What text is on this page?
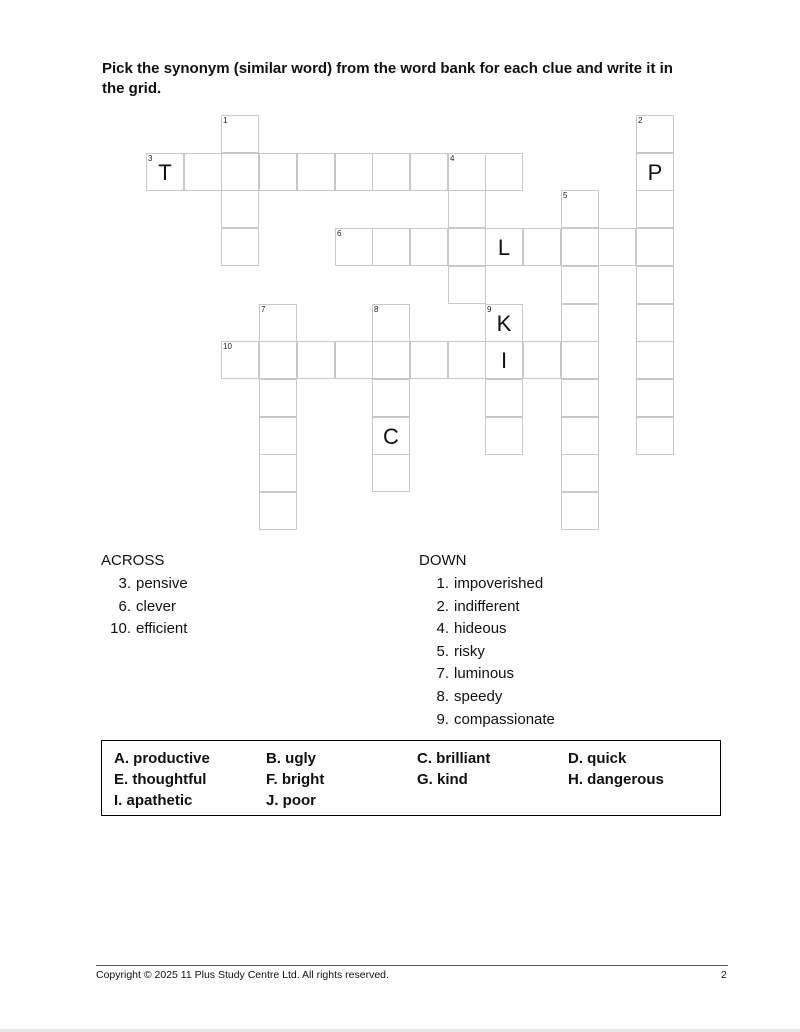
Pick the synonym (similar word) from the word bank for each clue and write it in the grid.
3
T
4
6
L
10
I
1	2
P
5
7	8
C
9
K
ACROSS
3. pensive
6. clever
10. efficient
DOWN
1. impoverished
2. indifferent
4. hideous
5. risky
7. luminous
8. speedy
9. compassionate
A. productive	B. ugly	C. brilliant	D. quick
E. thoughtful	F. bright	G. kind	H. dangerous
I. apathetic	J. poor
Copyright © 2025 11 Plus Study Centre Ltd. All rights reserved.	2
